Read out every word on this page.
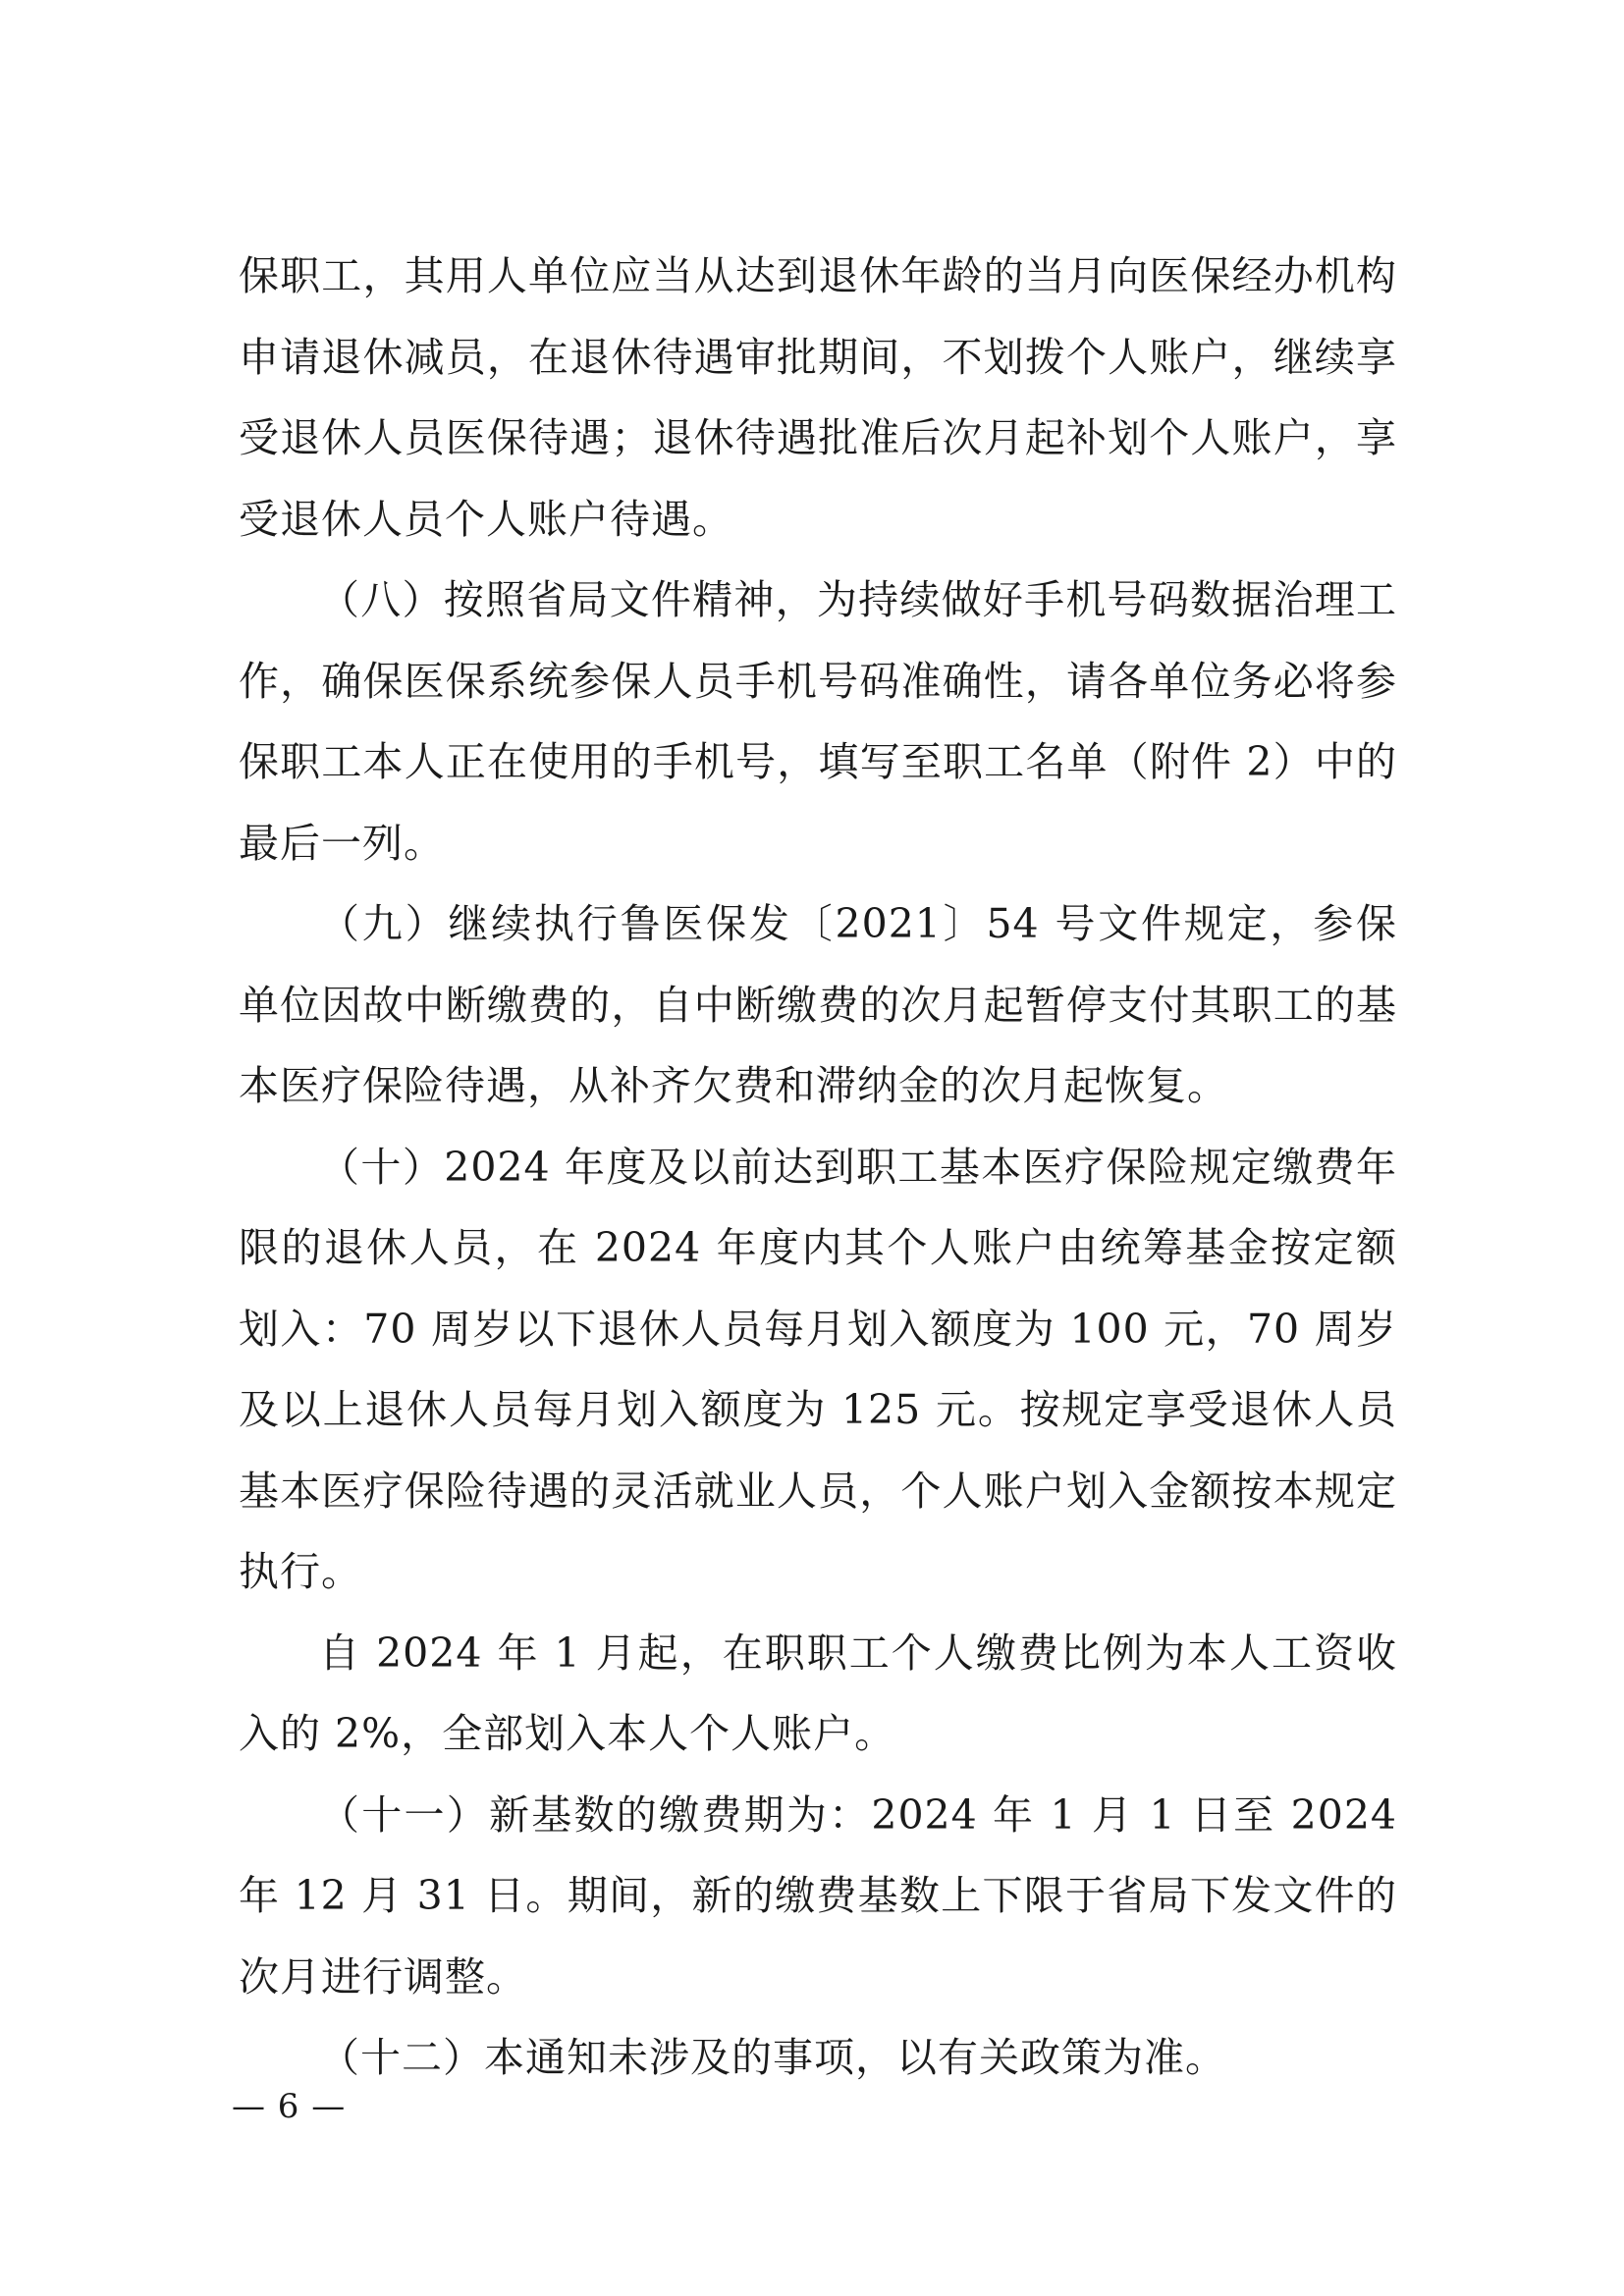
保职工，其用人单位应当从达到退休年龄的当月向医保经办机构申请退休减员，在退休待遇审批期间，不划拨个人账户，继续享受退休人员医保待遇；退休待遇批准后次月起补划个人账户，享受退休人员个人账户待遇。

（八）按照省局文件精神，为持续做好手机号码数据治理工作，确保医保系统参保人员手机号码准确性，请各单位务必将参保职工本人正在使用的手机号，填写至职工名单（附件 2）中的最后一列。

（九）继续执行鲁医保发〔2021〕54 号文件规定，参保单位因故中断缴费的，自中断缴费的次月起暂停支付其职工的基本医疗保险待遇，从补齐欠费和滞纳金的次月起恢复。

（十）2024 年度及以前达到职工基本医疗保险规定缴费年限的退休人员，在 2024 年度内其个人账户由统筹基金按定额划入：70 周岁以下退休人员每月划入额度为 100 元，70 周岁及以上退休人员每月划入额度为 125 元。按规定享受退休人员基本医疗保险待遇的灵活就业人员，个人账户划入金额按本规定执行。

自 2024 年 1 月起，在职职工个人缴费比例为本人工资收入的 2%，全部划入本人个人账户。

（十一）新基数的缴费期为：2024 年 1 月 1 日至 2024 年 12 月 31 日。期间，新的缴费基数上下限于省局下发文件的次月进行调整。

（十二）本通知未涉及的事项，以有关政策为准。

— 6 —
